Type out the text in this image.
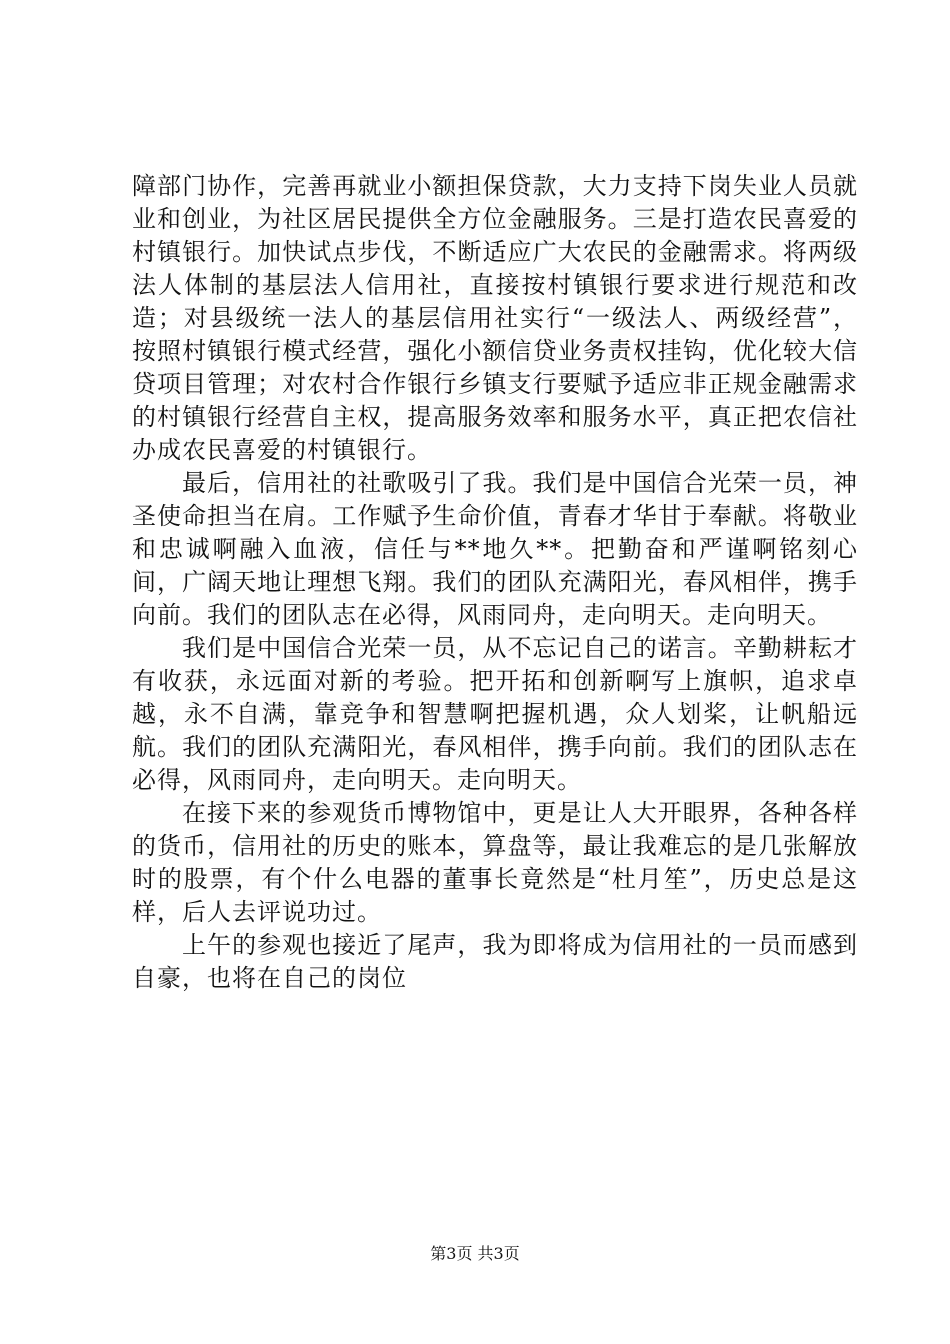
障部门协作，完善再就业小额担保贷款，大力支持下岗失业人员就业和创业，为社区居民提供全方位金融服务。三是打造农民喜爱的村镇银行。加快试点步伐，不断适应广大农民的金融需求。将两级法人体制的基层法人信用社，直接按村镇银行要求进行规范和改造；对县级统一法人的基层信用社实行“一级法人、两级经营”，按照村镇银行模式经营，强化小额信贷业务责权挂钩，优化较大信贷项目管理；对农村合作银行乡镇支行要赋予适应非正规金融需求的村镇银行经营自主权，提高服务效率和服务水平，真正把农信社办成农民喜爱的村镇银行。

最后，信用社的社歌吸引了我。我们是中国信合光荣一员，神圣使命担当在肩。工作赋予生命价值，青春才华甘于奉献。将敬业和忠诚啊融入血液，信任与**地久**。把勤奋和严谨啊铭刻心间，广阔天地让理想飞翔。我们的团队充满阳光，春风相伴，携手向前。我们的团队志在必得，风雨同舟，走向明天。走向明天。

我们是中国信合光荣一员，从不忘记自己的诺言。辛勤耕耘才有收获，永远面对新的考验。把开拓和创新啊写上旗帜，追求卓越，永不自满，靠竞争和智慧啊把握机遇，众人划桨，让帆船远航。我们的团队充满阳光，春风相伴，携手向前。我们的团队志在必得，风雨同舟，走向明天。走向明天。

在接下来的参观货币博物馆中，更是让人大开眼界，各种各样的货币，信用社的历史的账本，算盘等，最让我难忘的是几张解放时的股票，有个什么电器的董事长竟然是“杜月笙”，历史总是这样，后人去评说功过。

上午的参观也接近了尾声，我为即将成为信用社的一员而感到自豪，也将在自己的岗位

第3页 共3页
